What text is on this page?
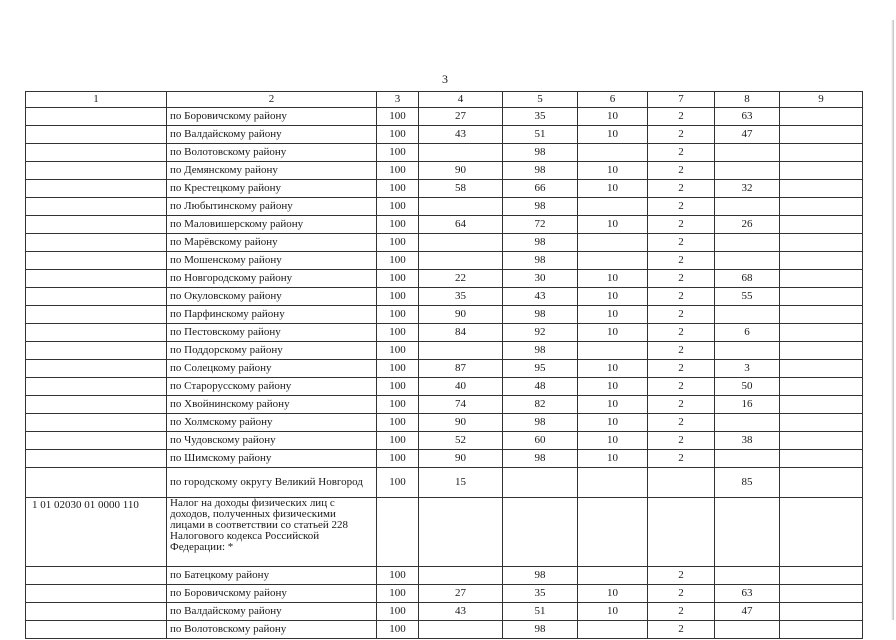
3
1	2	3	4	5	6	7	8	9
	по Боровичскому району	100	27	35	10	2	63	
	по Валдайскому району	100	43	51	10	2	47	
	по Волотовскому району	100		98		2		
	по Демянскому району	100	90	98	10	2		
	по Крестецкому району	100	58	66	10	2	32	
	по Любытинскому району	100		98		2		
	по Маловишерскому району	100	64	72	10	2	26	
	по Марёвскому району	100		98		2		
	по Мошенскому району	100		98		2		
	по Новгородскому району	100	22	30	10	2	68	
	по Окуловскому району	100	35	43	10	2	55	
	по Парфинскому району	100	90	98	10	2		
	по Пестовскому району	100	84	92	10	2	6	
	по Поддорскому району	100		98		2		
	по Солецкому району	100	87	95	10	2	3	
	по Старорусскому району	100	40	48	10	2	50	
	по Хвойнинскому району	100	74	82	10	2	16	
	по Холмскому району	100	90	98	10	2		
	по Чудовскому району	100	52	60	10	2	38	
	по Шимскому району	100	90	98	10	2		
	по городскому округу Великий Новгород	100	15				85	
1 01 02030 01 0000 110	Налог на доходы физических лиц с доходов, полученных физическими лицами в соответствии со статьей 228 Налогового кодекса Российской Федерации: *							
	по Батецкому району	100		98		2		
	по Боровичскому району	100	27	35	10	2	63	
	по Валдайскому району	100	43	51	10	2	47	
	по Волотовскому району	100		98		2		
